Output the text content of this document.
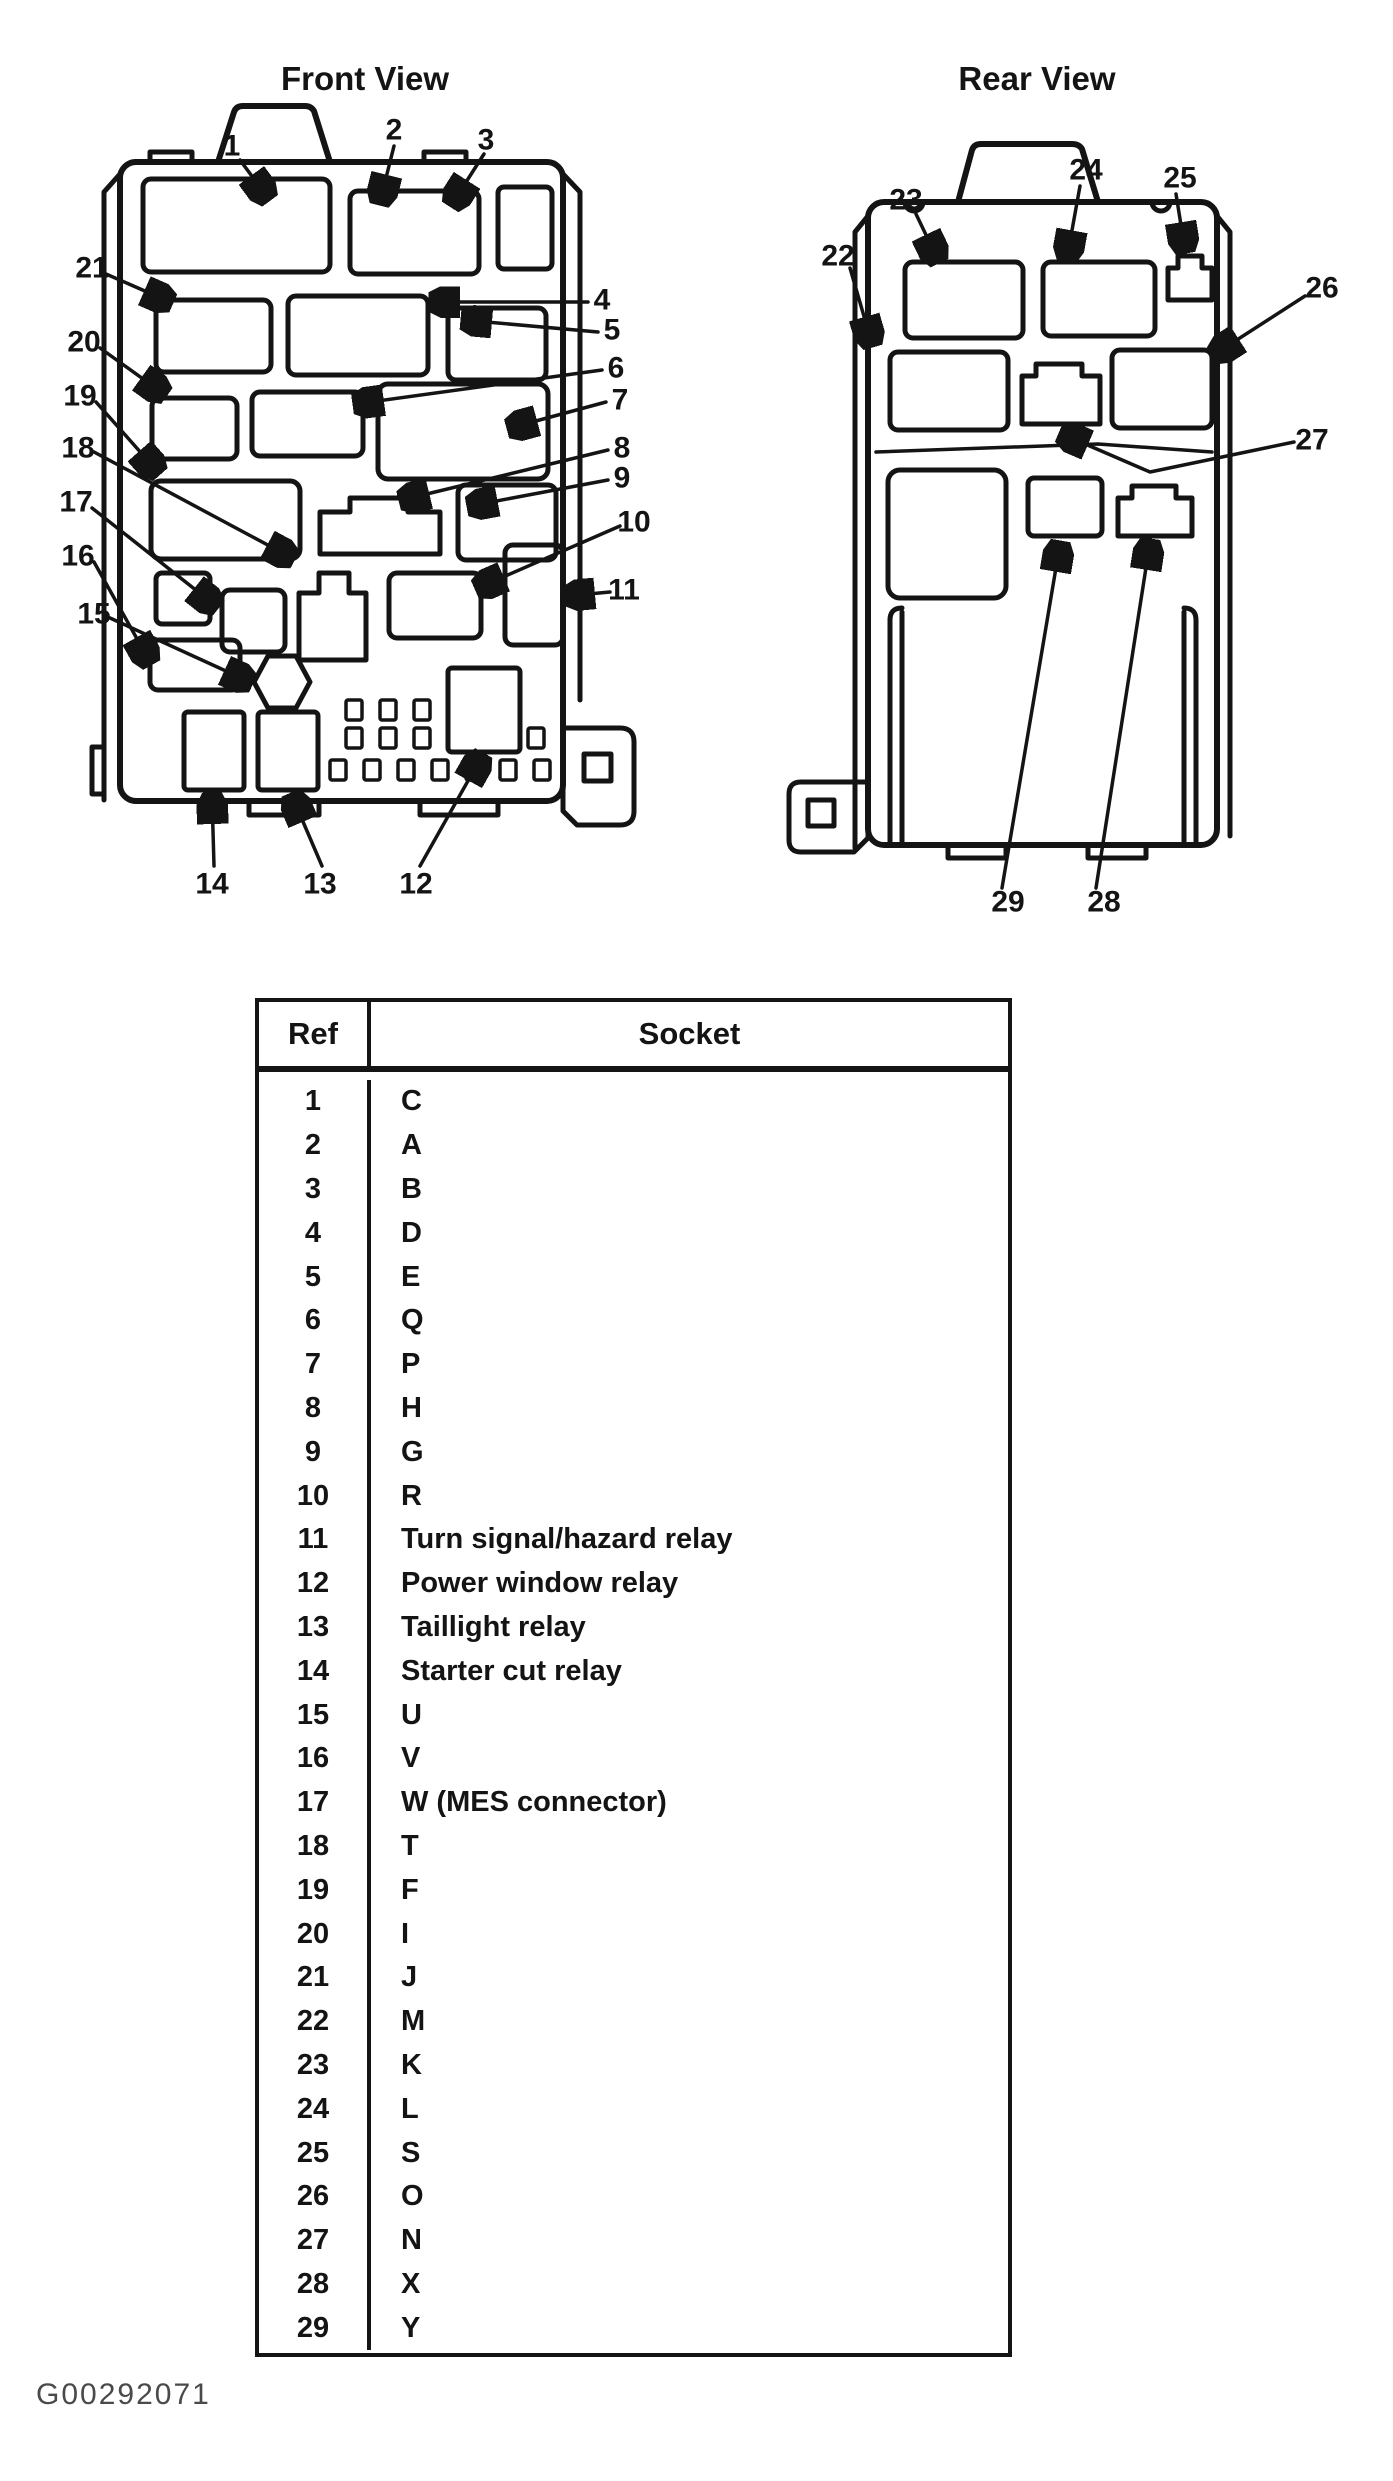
Front View	Rear View
1	2	3
4
5
6
7
8
9
10
11
12
13
14
15
16
17
18
19
20
21	22
23
24 25
26
27
28
29
Ref	Socket
1	C
2	A
3	B
4	D
5	E
6	Q
7	P
8	H
9	G
10	R
11	Turn signal/hazard relay
12	Power window relay
13	Taillight relay
14	Starter cut relay
15	U
16	V
17	W (MES connector)
18	T
19	F
20	I
21	J
22	M
23	K
24	L
25	S
26	O
27	N
28	X
29	Y
G00292071
